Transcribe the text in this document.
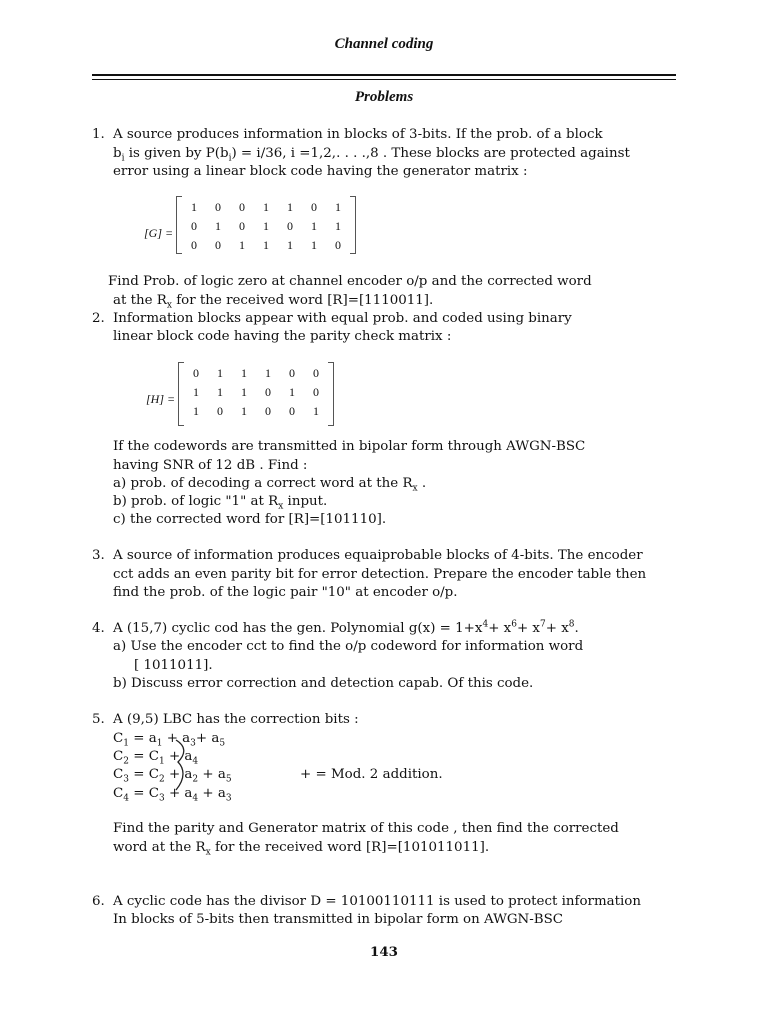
Channel coding
Problems
1. A source produces information in blocks of 3-bits. If the prob. of a block
$b_i$ is given by $P(b_i) = i/36$, i =1,2,. . . .,8 . These blocks are protected against
error using a linear block code having the generator matrix :
[G] =
1	0	0	1	1	0	1
0	1	0	1	0	1	1
0	0	1	1	1	1	0
Find Prob. of logic zero at channel encoder o/p and the corrected word
at the $R_x$ for the received word [R]=[1110011].
2. Information blocks appear with equal prob. and coded using binary
linear block code having the parity check matrix :
[H] =
0	1	1	1	0	0
1	1	1	0	1	0
1	0	1	0	0	1
If the codewords are transmitted in bipolar form through AWGN-BSC
having SNR of 12 dB . Find :
a) prob. of decoding a correct word at the $R_x$ .
b) prob. of logic "1" at $R_x$ input.
c) the corrected word for [R]=[101110].
3. A source of information produces equaiprobable blocks of 4-bits. The encoder
cct adds an even parity bit for error detection. Prepare the encoder table then
find the prob. of the logic pair "10" at encoder o/p.
4. A (15,7) cyclic cod has the gen. Polynomial $g(x) = 1+x^4+ x^6+ x^7+ x^8$.
a) Use the encoder cct to find the o/p codeword for information word
[ 1011011].
b) Discuss error correction and detection capab. Of this code.
5. A (9,5) LBC has the correction bits :
$C_1 = a_1 + a_3+ a_5$
$C_2 = C_1 + a_4$
$C_3 = C_2 + a_2 + a_5$
$C_4 = C_3 + a_4 + a_3$
+ = Mod. 2 addition.
Find the parity and Generator matrix of this code , then find the corrected
word at the $R_x$ for the received word [R]=[101011011].
6. A cyclic code has the divisor D = 10100110111 is used to protect information
In blocks of 5-bits then transmitted in bipolar form on AWGN-BSC
143
